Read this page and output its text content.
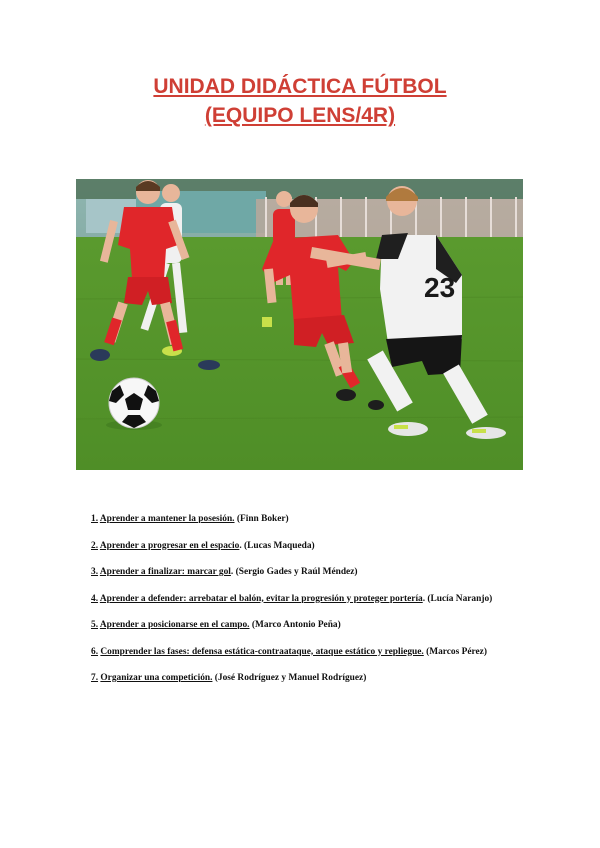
UNIDAD DIDÁCTICA FÚTBOL
(EQUIPO LENS/4R)
23
1. Aprender a mantener la posesión. (Finn Boker)
2. Aprender a progresar en el espacio. (Lucas Maqueda)
3. Aprender a finalizar: marcar gol. (Sergio Gades y Raúl Méndez)
4. Aprender a defender: arrebatar el balón, evitar la progresión y proteger portería. (Lucía Naranjo)
5. Aprender a posicionarse en el campo. (Marco Antonio Peña)
6. Comprender las fases: defensa estática-contraataque, ataque estático y repliegue. (Marcos Pérez)
7. Organizar una competición. (José Rodríguez y Manuel Rodríguez)
